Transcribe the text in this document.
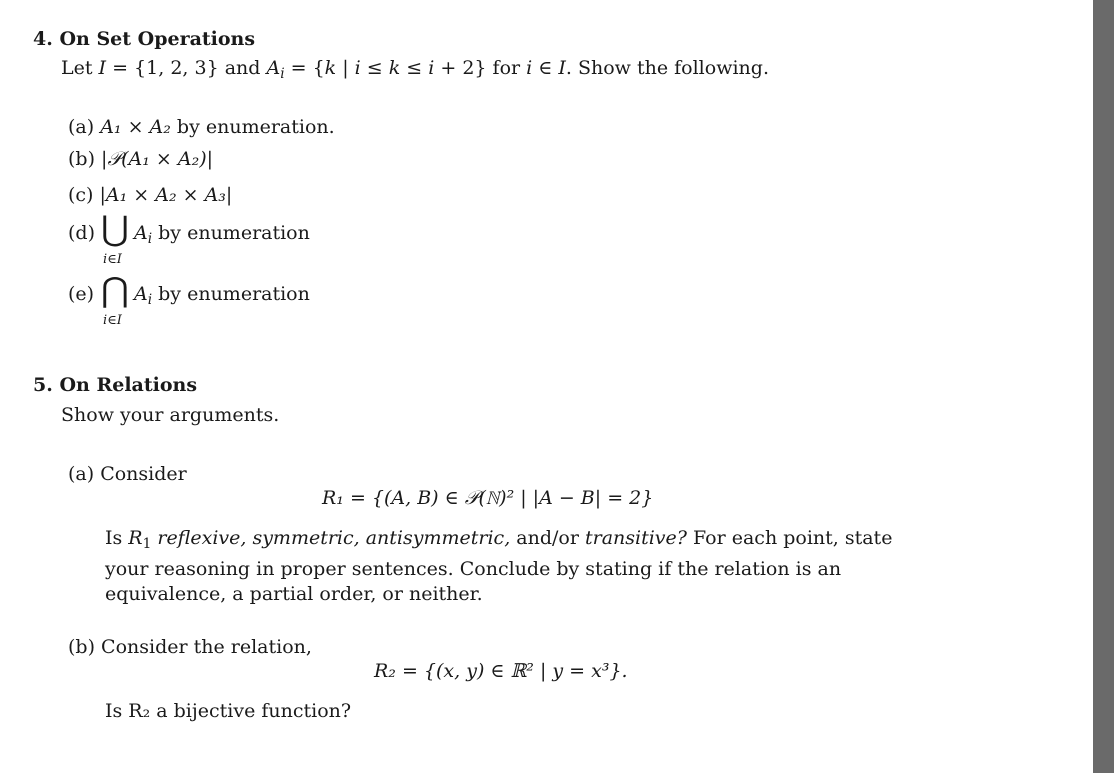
4. On Set Operations
Let I = {1, 2, 3} and $A_i = \{k$ | i ≤ k ≤ i + 2} for i ∈ I. Show the following.
(a) A₁ × A₂ by enumeration.
(b) |𝒫(A₁ × A₂)|
(c) |A₁ × A₂ × A₃|
(d) ⋃ $A_i$ by enumeration
i∈I
(e) ⋂ $A_i$ by enumeration
i∈I
5. On Relations
Show your arguments.
(a) Consider
R₁ = {(A, B) ∈ 𝒫(ℕ)² | |A − B| = 2}
Is $R_1$ reflexive, symmetric, antisymmetric, and/or transitive? For each point, state your reasoning in proper sentences. Conclude by stating if the relation is an equivalence, a partial order, or neither.
(b) Consider the relation,
R₂ = {(x, y) ∈ ℝ² | y = x³}.
Is R₂ a bijective function?
